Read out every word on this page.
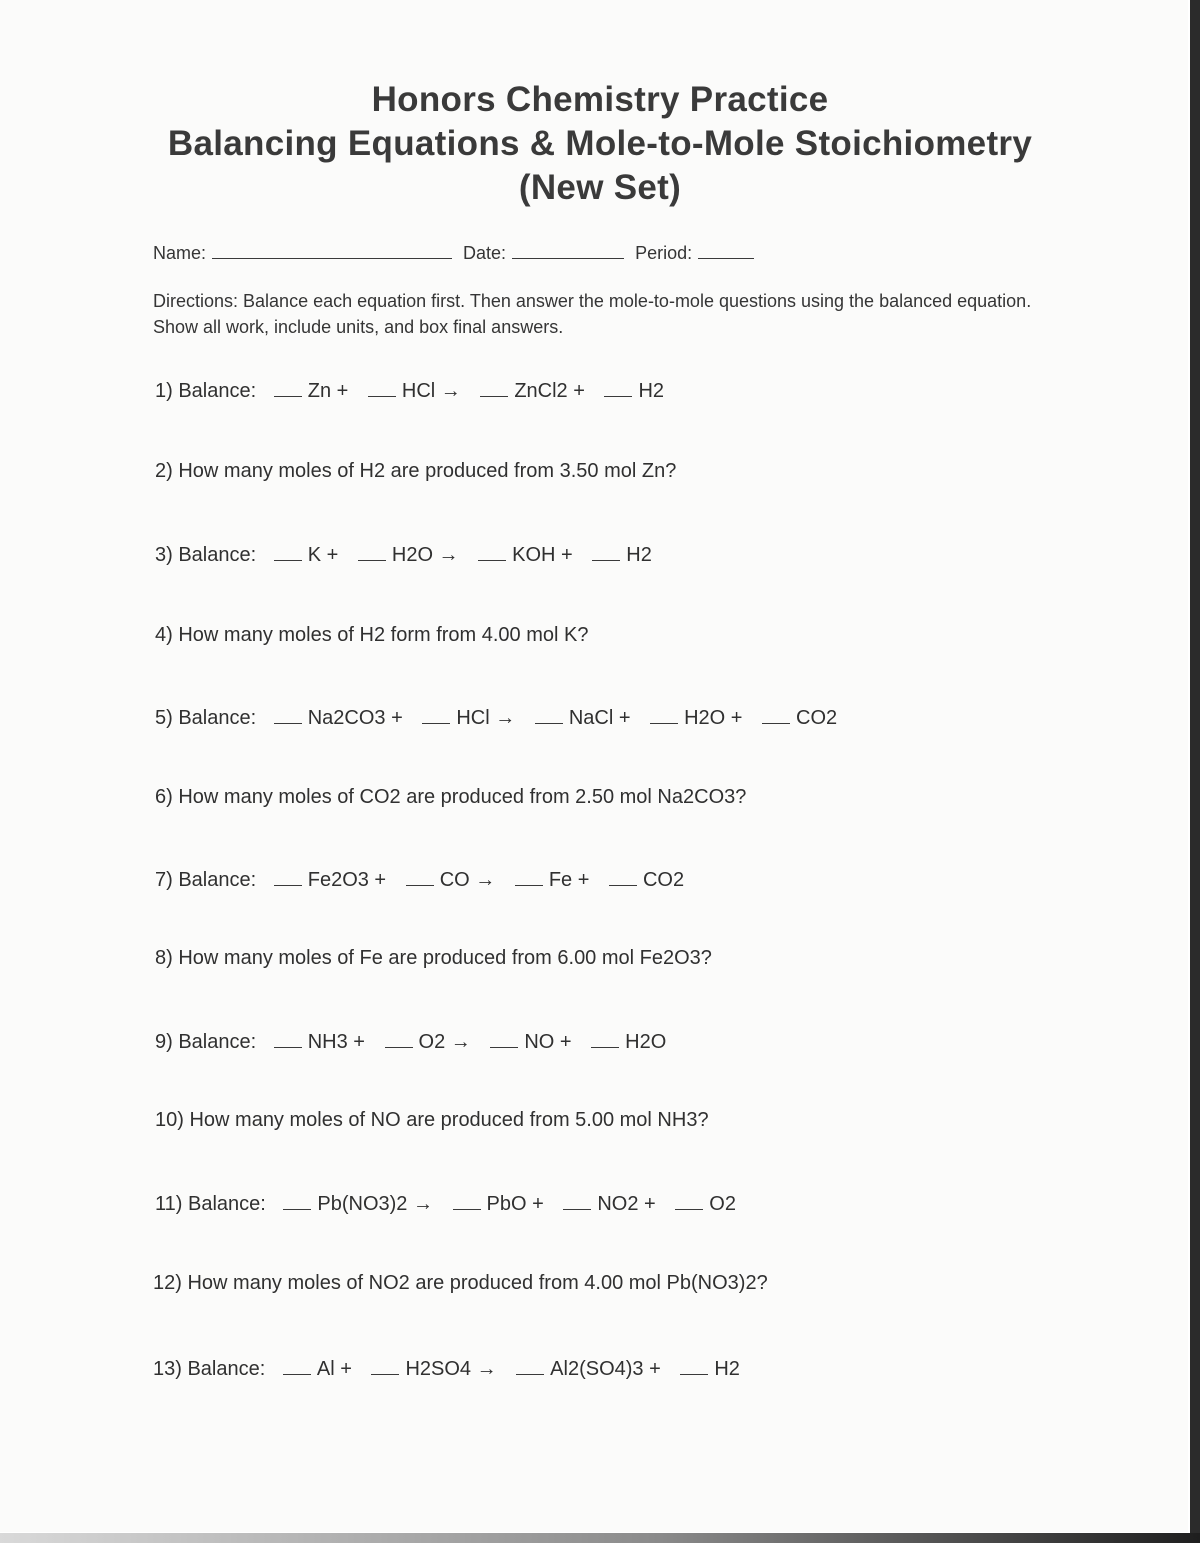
Honors Chemistry Practice
Balancing Equations & Mole-to-Mole Stoichiometry
(New Set)
Name:	Date:	Period:
Directions: Balance each equation first. Then answer the mole-to-mole questions using the balanced equation. Show all work, include units, and box final answers.
1) Balance:	Zn +	HCl →	ZnCl2 +	H2
2) How many moles of H2 are produced from 3.50 mol Zn?
3) Balance:	K +	H2O →	KOH +	H2
4) How many moles of H2 form from 4.00 mol K?
5) Balance:	Na2CO3 +	HCl →	NaCl +	H2O +	CO2
6) How many moles of CO2 are produced from 2.50 mol Na2CO3?
7) Balance:	Fe2O3 +	CO →	Fe +	CO2
8) How many moles of Fe are produced from 6.00 mol Fe2O3?
9) Balance:	NH3 +	O2 →	NO +	H2O
10) How many moles of NO are produced from 5.00 mol NH3?
11) Balance:	Pb(NO3)2 →	PbO +	NO2 +	O2
12) How many moles of NO2 are produced from 4.00 mol Pb(NO3)2?
13) Balance:	Al +	H2SO4 →	Al2(SO4)3 +	H2
